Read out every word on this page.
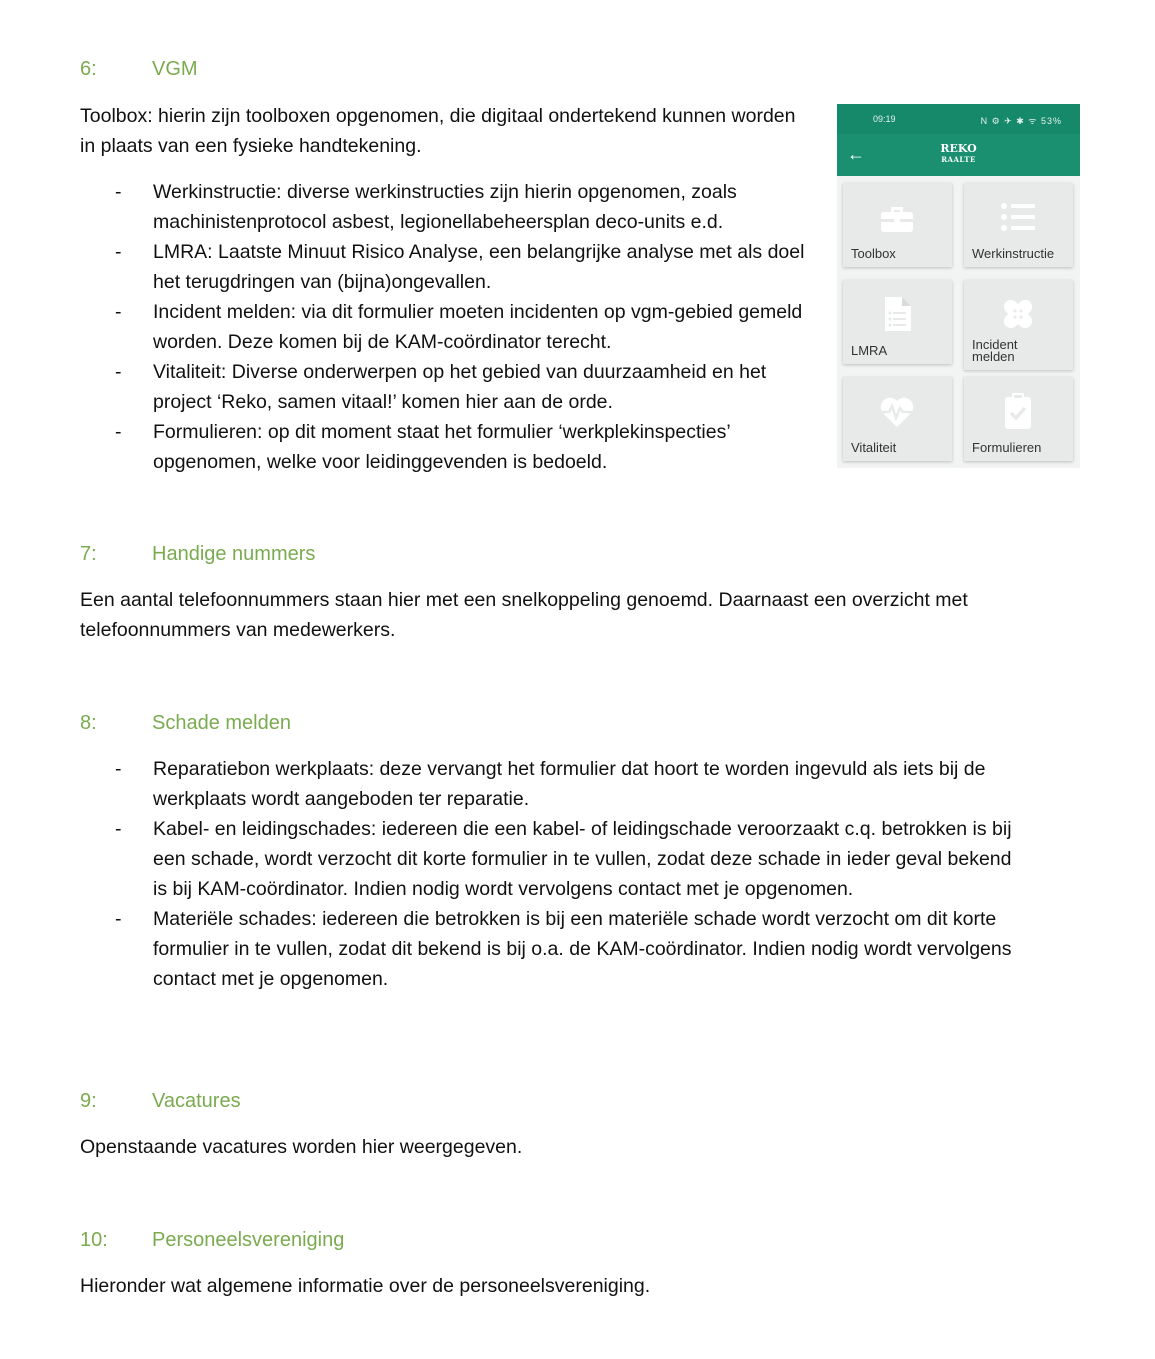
6:	VGM

Toolbox: hierin zijn toolboxen opgenomen, die digitaal ondertekend kunnen worden in plaats van een fysieke handtekening.

- Werkinstructie: diverse werkinstructies zijn hierin opgenomen, zoals machinistenprotocol asbest, legionellabeheersplan deco-units e.d.
- LMRA: Laatste Minuut Risico Analyse, een belangrijke analyse met als doel het terugdringen van (bijna)ongevallen.
- Incident melden: via dit formulier moeten incidenten op vgm-gebied gemeld worden. Deze komen bij de KAM-coördinator terecht.
- Vitaliteit: Diverse onderwerpen op het gebied van duurzaamheid en het project ‘Reko, samen vitaal!’ komen hier aan de orde.
- Formulieren: op dit moment staat het formulier ‘werkplekinspecties’ opgenomen, welke voor leidinggevenden is bedoeld.
09:19	N ⚙ ✈ ✱ ᯤ 53%
←	REKO
RAALTE
Toolbox	Werkinstructie
LMRA	Incident melden
Vitaliteit	Formulieren
7:	Handige nummers

Een aantal telefoonnummers staan hier met een snelkoppeling genoemd. Daarnaast een overzicht met telefoonnummers van medewerkers.

8:	Schade melden
- Reparatiebon werkplaats: deze vervangt het formulier dat hoort te worden ingevuld als iets bij de werkplaats wordt aangeboden ter reparatie.
- Kabel- en leidingschades: iedereen die een kabel- of leidingschade veroorzaakt c.q. betrokken is bij een schade, wordt verzocht dit korte formulier in te vullen, zodat deze schade in ieder geval bekend is bij KAM-coördinator. Indien nodig wordt vervolgens contact met je opgenomen.
- Materiële schades: iedereen die betrokken is bij een materiële schade wordt verzocht om dit korte formulier in te vullen, zodat dit bekend is bij o.a. de KAM-coördinator. Indien nodig wordt vervolgens contact met je opgenomen.
9:	Vacatures

Openstaande vacatures worden hier weergegeven.

10: Personeelsvereniging

Hieronder wat algemene informatie over de personeelsvereniging.
